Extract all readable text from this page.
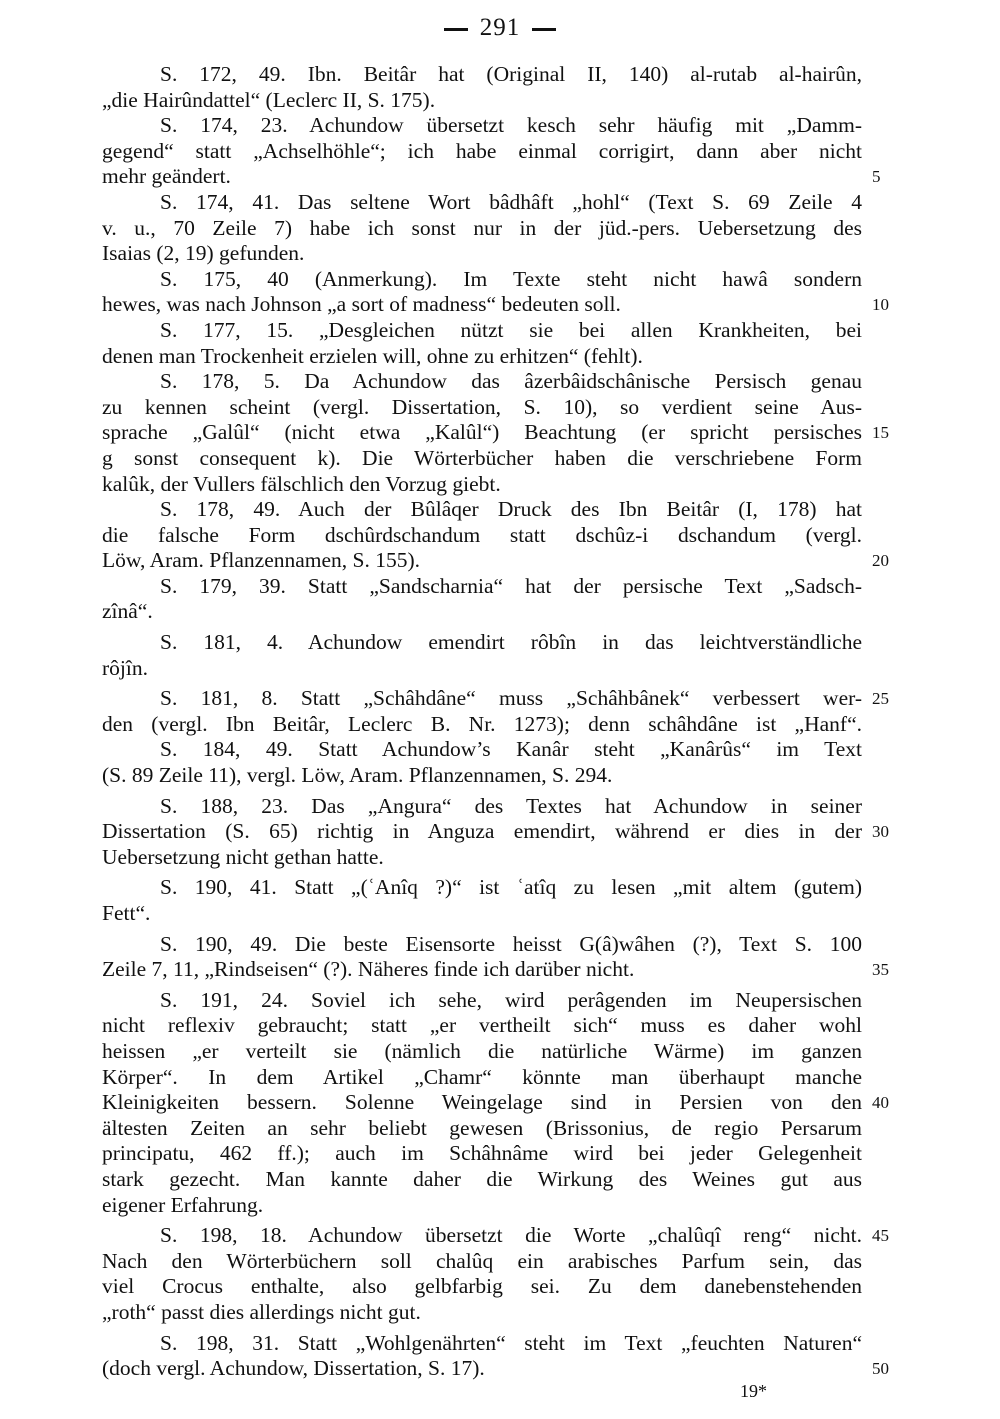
291
S. 172, 49. Ibn. Beitâr hat (Original II, 140) al-rutab al-hairûn,
„die Hairûndattel“ (Leclerc II, S. 175).
S. 174, 23. Achundow übersetzt kesch sehr häufig mit „Damm-
gegend“ statt „Achselhöhle“; ich habe einmal corrigirt, dann aber nicht
mehr geändert.	5
S. 174, 41. Das seltene Wort bâdhâft „hohl“ (Text S. 69 Zeile 4
v. u., 70 Zeile 7) habe ich sonst nur in der jüd.-pers. Uebersetzung des
Isaias (2, 19) gefunden.
S. 175, 40 (Anmerkung). Im Texte steht nicht hawâ sondern
hewes, was nach Johnson „a sort of madness“ bedeuten soll.	10
S. 177, 15. „Desgleichen nützt sie bei allen Krankheiten, bei
denen man Trockenheit erzielen will, ohne zu erhitzen“ (fehlt).
S. 178, 5. Da Achundow das âzerbâidschânische Persisch genau
zu kennen scheint (vergl. Dissertation, S. 10), so verdient seine Aus-
sprache „Galûl“ (nicht etwa „Kalûl“) Beachtung (er spricht persisches 15
g sonst consequent k). Die Wörterbücher haben die verschriebene Form
kalûk, der Vullers fälschlich den Vorzug giebt.
S. 178, 49. Auch der Bûlâqer Druck des Ibn Beitâr (I, 178) hat
die falsche Form dschûrdschandum statt dschûz-i dschandum (vergl.
Löw, Aram. Pflanzennamen, S. 155).	20
S. 179, 39. Statt „Sandscharnia“ hat der persische Text „Sadsch-
zînâ“.
S. 181, 4. Achundow emendirt rôbîn in das leichtverständliche
rôjîn.
S. 181, 8. Statt „Schâhdâne“ muss „Schâhbânek“ verbessert wer- 25
den (vergl. Ibn Beitâr, Leclerc B. Nr. 1273); denn schâhdâne ist „Hanf“.
S. 184, 49. Statt Achundow’s Kanâr steht „Kanârûs“ im Text
(S. 89 Zeile 11), vergl. Löw, Aram. Pflanzennamen, S. 294.
S. 188, 23. Das „Angura“ des Textes hat Achundow in seiner
Dissertation (S. 65) richtig in Anguza emendirt, während er dies in der 30
Uebersetzung nicht gethan hatte.
S. 190, 41. Statt „(ʿAnîq ?)“ ist ʿatîq zu lesen „mit altem (gutem)
Fett“.
S. 190, 49. Die beste Eisensorte heisst G(â)wâhen (?), Text S. 100
Zeile 7, 11, „Rindseisen“ (?). Näheres finde ich darüber nicht.	35
S. 191, 24. Soviel ich sehe, wird perâgenden im Neupersischen
nicht reflexiv gebraucht; statt „er vertheilt sich“ muss es daher wohl
heissen „er verteilt sie (nämlich die natürliche Wärme) im ganzen
Körper“. In dem Artikel „Chamr“ könnte man überhaupt manche
Kleinigkeiten bessern. Solenne Weingelage sind in Persien von den 40
ältesten Zeiten an sehr beliebt gewesen (Brissonius, de regio Persarum
principatu, 462 ff.); auch im Schâhnâme wird bei jeder Gelegenheit
stark gezecht. Man kannte daher die Wirkung des Weines gut aus
eigener Erfahrung.
S. 198, 18. Achundow übersetzt die Worte „chalûqî reng“ nicht. 45
Nach den Wörterbüchern soll chalûq ein arabisches Parfum sein, das
viel Crocus enthalte, also gelbfarbig sei. Zu dem danebenstehenden
„roth“ passt dies allerdings nicht gut.
S. 198, 31. Statt „Wohlgenährten“ steht im Text „feuchten Naturen“
(doch vergl. Achundow, Dissertation, S. 17).	50
19*
